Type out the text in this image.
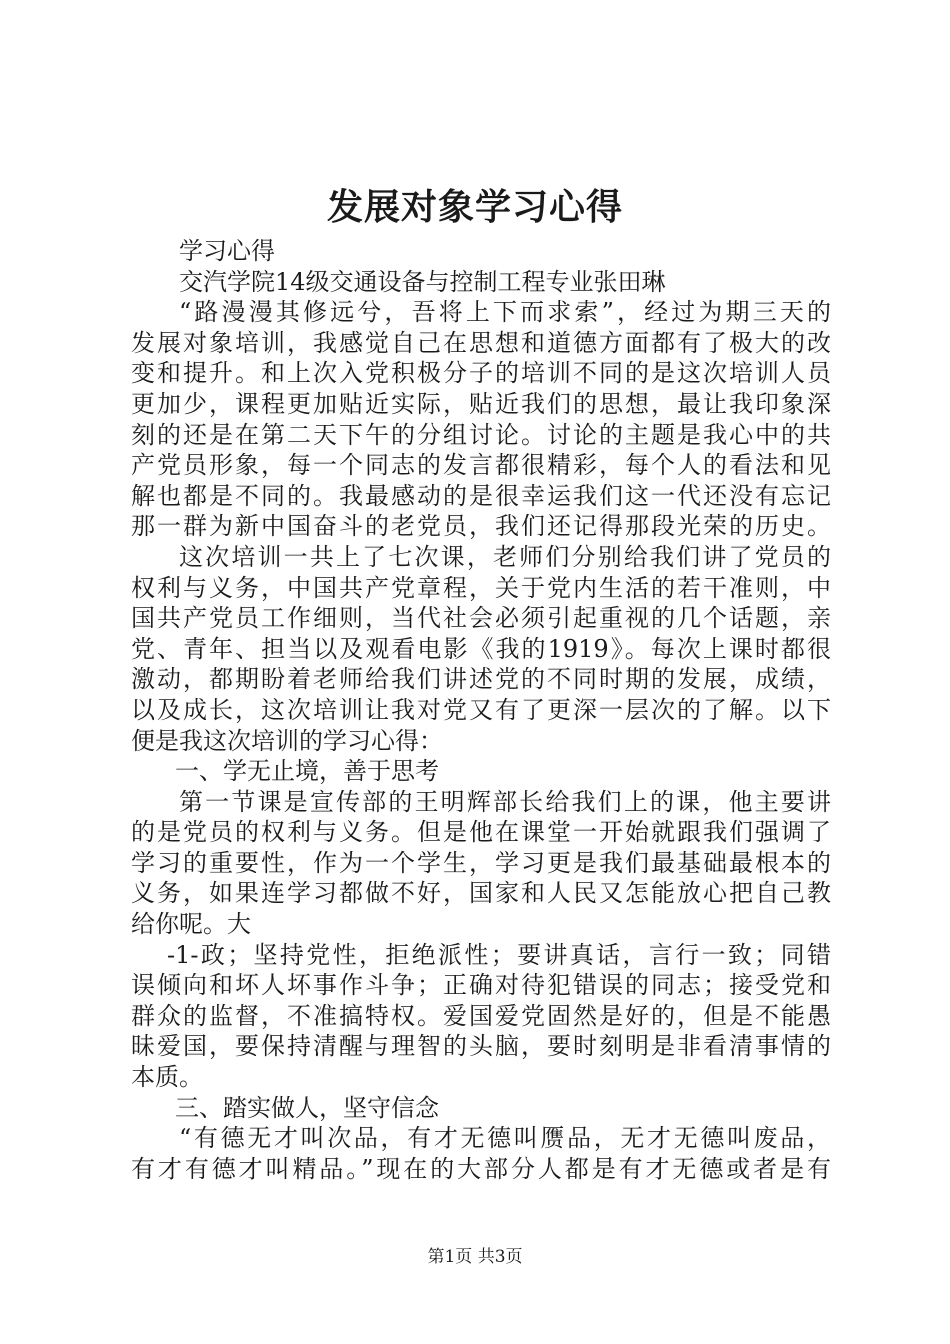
发展对象学习心得
学习心得
交汽学院14级交通设备与控制工程专业张田琳
“路漫漫其修远兮，吾将上下而求索”，经过为期三天的
发展对象培训，我感觉自己在思想和道德方面都有了极大的改
变和提升。和上次入党积极分子的培训不同的是这次培训人员
更加少，课程更加贴近实际，贴近我们的思想，最让我印象深
刻的还是在第二天下午的分组讨论。讨论的主题是我心中的共
产党员形象，每一个同志的发言都很精彩，每个人的看法和见
解也都是不同的。我最感动的是很幸运我们这一代还没有忘记
那一群为新中国奋斗的老党员，我们还记得那段光荣的历史。
这次培训一共上了七次课，老师们分别给我们讲了党员的
权利与义务，中国共产党章程，关于党内生活的若干准则，中
国共产党员工作细则，当代社会必须引起重视的几个话题，亲
党、青年、担当以及观看电影《我的1919》。每次上课时都很
激动，都期盼着老师给我们讲述党的不同时期的发展，成绩，
以及成长，这次培训让我对党又有了更深一层次的了解。以下
便是我这次培训的学习心得：
一、学无止境，善于思考
第一节课是宣传部的王明辉部长给我们上的课，他主要讲
的是党员的权利与义务。但是他在课堂一开始就跟我们强调了
学习的重要性，作为一个学生，学习更是我们最基础最根本的
义务，如果连学习都做不好，国家和人民又怎能放心把自己教
给你呢。大
-1-政；坚持党性，拒绝派性；要讲真话，言行一致；同错
误倾向和坏人坏事作斗争；正确对待犯错误的同志；接受党和
群众的监督，不准搞特权。爱国爱党固然是好的，但是不能愚
昧爱国，要保持清醒与理智的头脑，要时刻明是非看清事情的
本质。
三、踏实做人，坚守信念
“有德无才叫次品，有才无德叫赝品，无才无德叫废品，
有才有德才叫精品。”现在的大部分人都是有才无德或者是有
第1页 共3页
